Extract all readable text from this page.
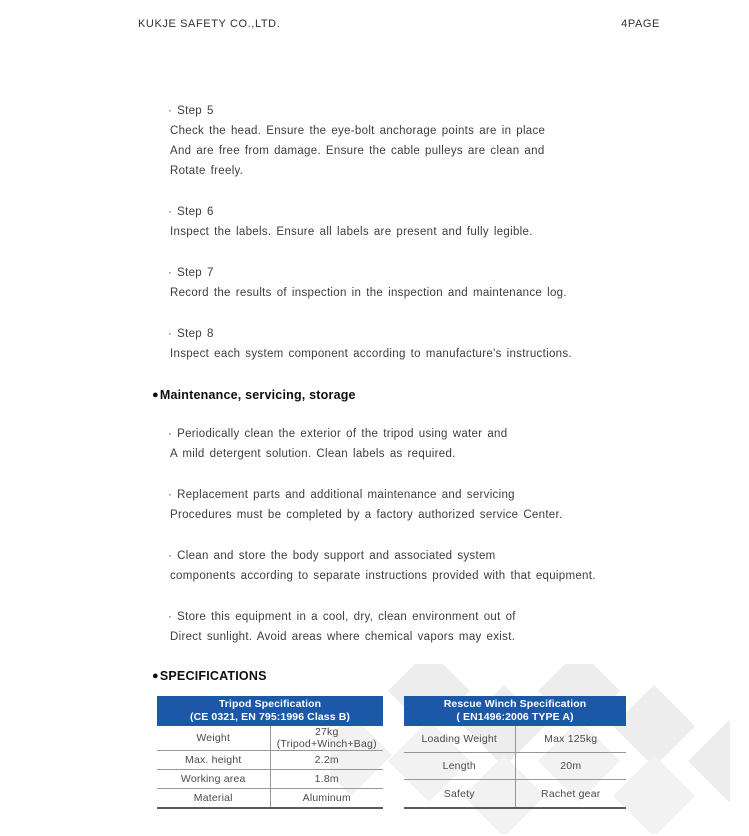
KUKJE SAFETY CO.,LTD.	4PAGE
· Step 5
Check the head. Ensure the eye-bolt anchorage points are in place
And are free from damage. Ensure the cable pulleys are clean and
Rotate freely.
· Step 6
Inspect the labels. Ensure all labels are present and fully legible.
· Step 7
Record the results of inspection in the inspection and maintenance log.
· Step 8
Inspect each system component according to manufacture's instructions.
● Maintenance, servicing, storage
· Periodically clean the exterior of the tripod using water and
A mild detergent solution. Clean labels as required.
· Replacement parts and additional maintenance and servicing
Procedures must be completed by a factory authorized service Center.
· Clean and store the body support and associated system
components according to separate instructions provided with that equipment.
· Store this equipment in a cool, dry, clean environment out of
Direct sunlight. Avoid areas where chemical vapors may exist.
● SPECIFICATIONS
Tripod Specification
(CE 0321, EN 795:1996 Class B)	

Weight	27kg (Tripod+Winch+Bag)
Max. height	2.2m
Working area	1.8m
Material	Aluminum
Rescue Winch Specification
( EN1496:2006 TYPE A)	

Loading Weight	Max 125kg
Length	20m
Safety	Rachet gear
